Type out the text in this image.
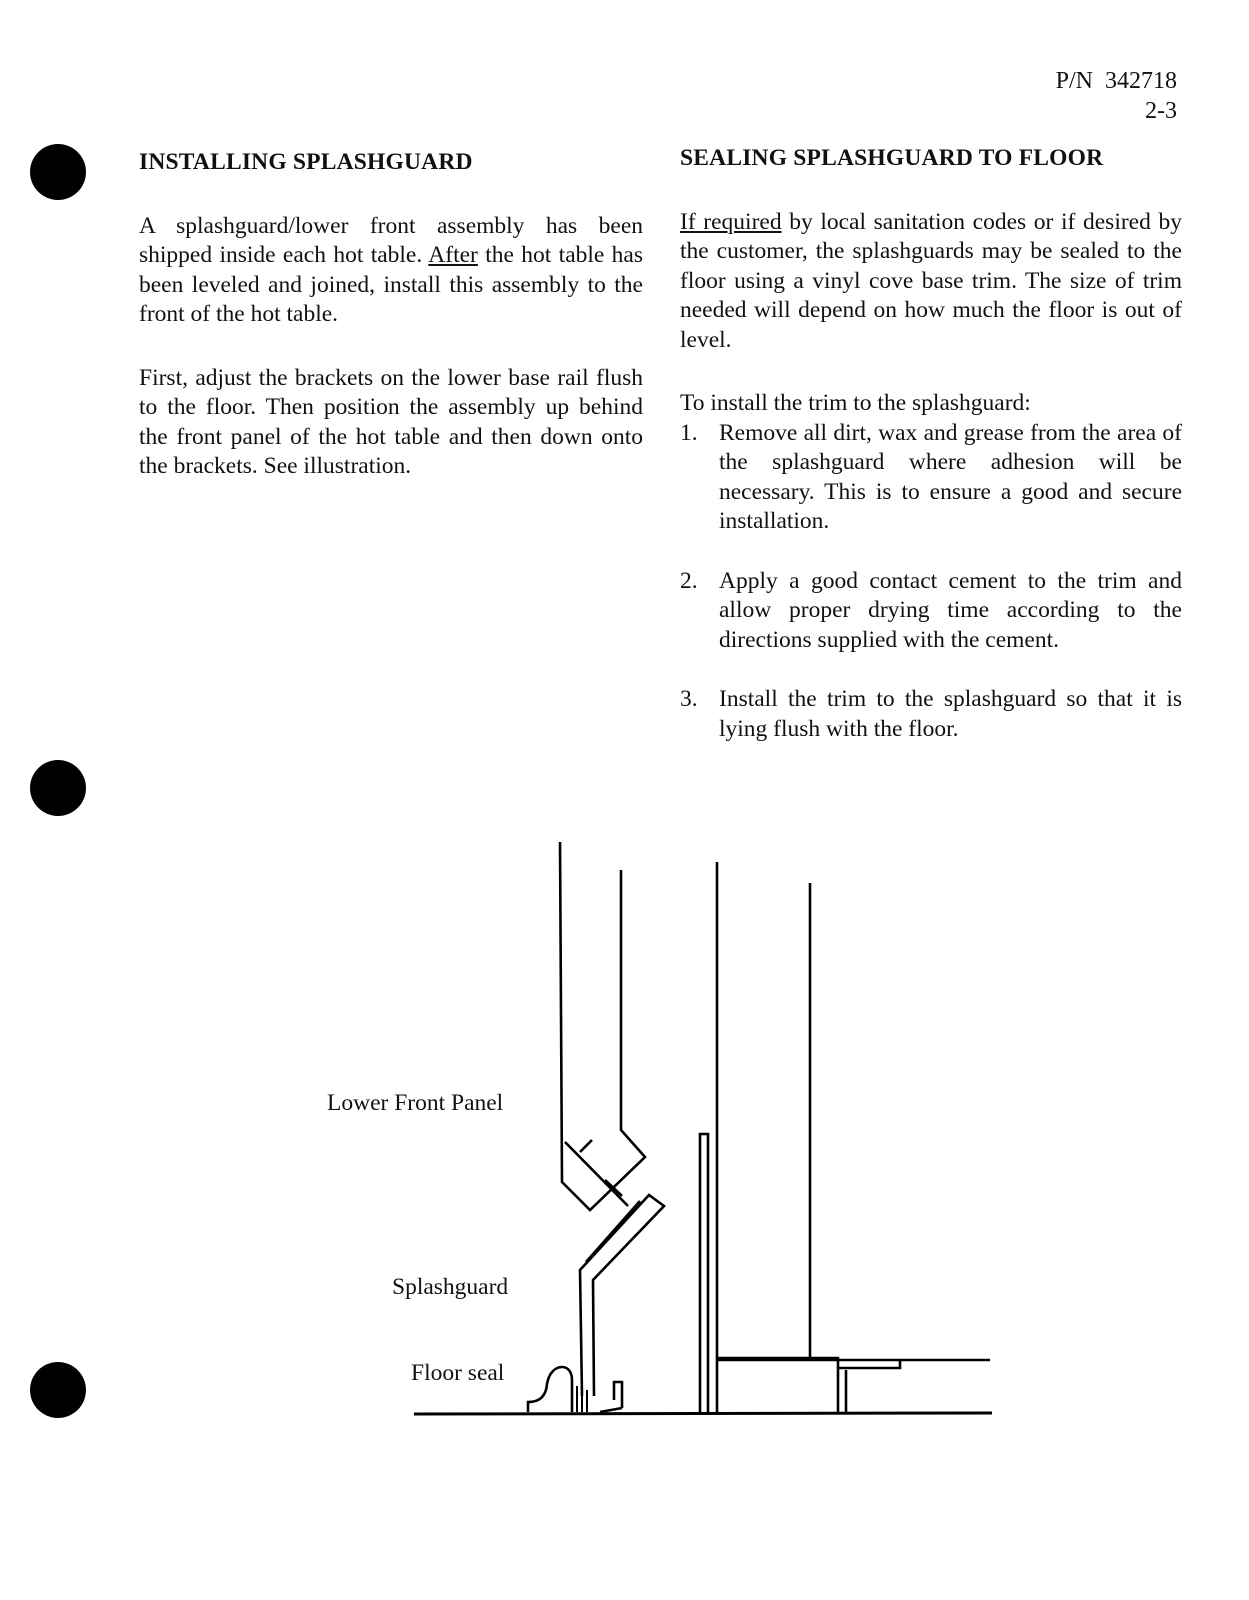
P/N  342718
2-3
INSTALLING SPLASHGUARD

A splashguard/lower front assembly has been shipped inside each hot table. After the hot table has been leveled and joined, install this assembly to the front of the hot table.

First, adjust the brackets on the lower base rail flush to the floor. Then position the assembly up behind the front panel of the hot table and then down onto the brackets. See illustration.

SEALING SPLASHGUARD TO FLOOR

If required by local sanitation codes or if desired by the customer, the splashguards may be sealed to the floor using a vinyl cove base trim. The size of trim needed will depend on how much the floor is out of level.

To install the trim to the splashguard:

1. Remove all dirt, wax and grease from the area of the splashguard where adhesion will be necessary. This is to ensure a good and secure installation.
2. Apply a good contact cement to the trim and allow proper drying time according to the directions supplied with the cement.
3. Install the trim to the splashguard so that it is lying flush with the floor.
Lower Front Panel
Splashguard
Floor seal
